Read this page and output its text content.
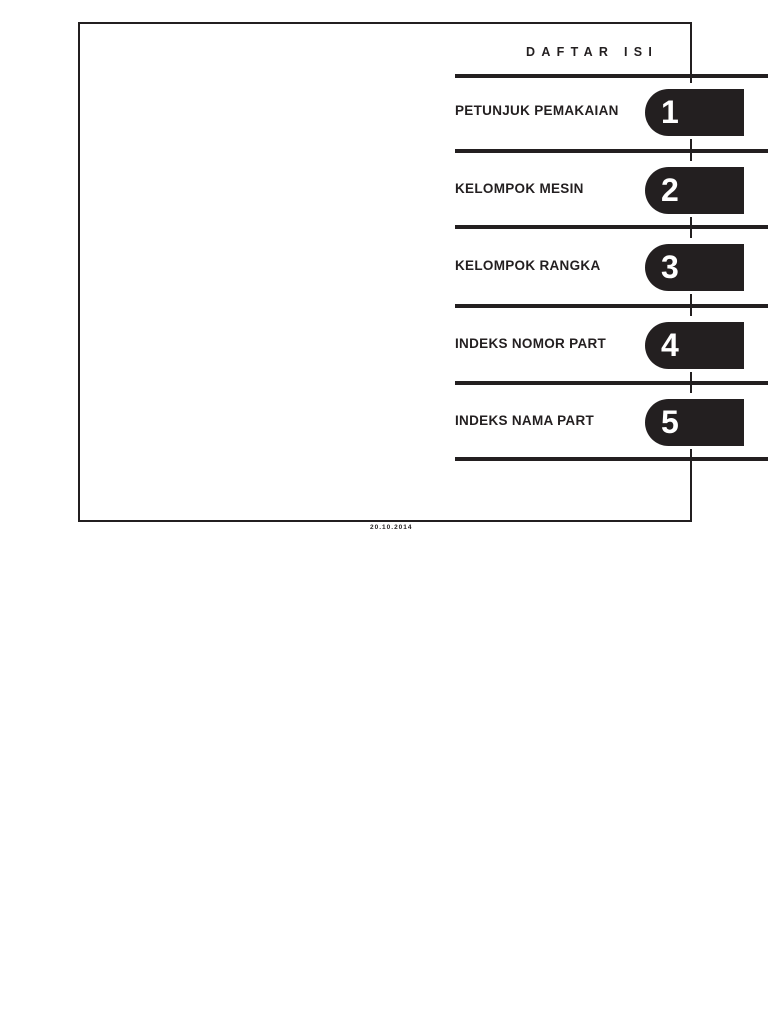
DAFTAR ISI
PETUNJUK PEMAKAIAN 1
KELOMPOK MESIN 2
KELOMPOK RANGKA 3
INDEKS NOMOR PART 4
INDEKS NAMA PART 5

20.10.2014
